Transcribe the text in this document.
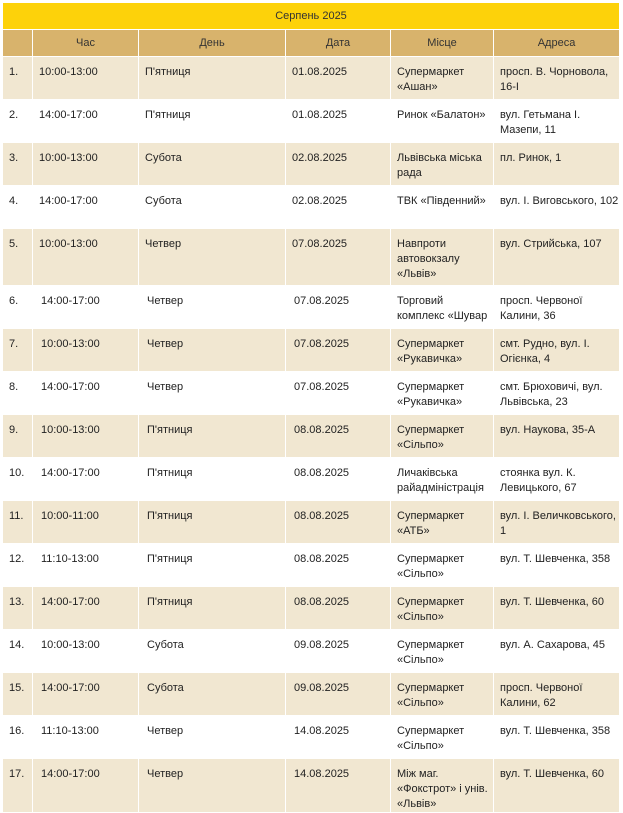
Серпень 2025					
	Час	День	Дата	Місце	Адреса
1.	10:00-13:00	П'ятниця	01.08.2025	Супермаркет «Ашан»	просп. В. Чорновола, 16-І
2.	14:00-17:00	П'ятниця	01.08.2025	Ринок «Балатон»	вул. Гетьмана І. Мазепи, 11
3.	10:00-13:00	Субота	02.08.2025	Львівська міська рада	пл. Ринок, 1
4.	14:00-17:00	Субота	02.08.2025	ТВК «Південний»	вул. І. Виговського, 102
5.	10:00-13:00	Четвер	07.08.2025	Навпроти автовокзалу «Львів»	вул. Стрийська, 107
6.	14:00-17:00	Четвер	07.08.2025	Торговий комплекс «Шувар	просп. Червоної Калини, 36
7.	10:00-13:00	Четвер	07.08.2025	Супермаркет «Рукавичка»	смт. Рудно, вул. І. Огієнка, 4
8.	14:00-17:00	Четвер	07.08.2025	Супермаркет «Рукавичка»	смт. Брюховичі, вул. Львівська, 23
9.	10:00-13:00	П'ятниця	08.08.2025	Супермаркет «Сільпо»	вул. Наукова, 35-А
10.	14:00-17:00	П'ятниця	08.08.2025	Личаківська райадміністрація	стоянка вул. К. Левицького, 67
11.	10:00-11:00	П'ятниця	08.08.2025	Супермаркет «АТБ»	вул. І. Величковського, 1
12.	11:10-13:00	П'ятниця	08.08.2025	Супермаркет «Сільпо»	вул. Т. Шевченка, 358
13.	14:00-17:00	П'ятниця	08.08.2025	Супермаркет «Сільпо»	вул. Т. Шевченка, 60
14.	10:00-13:00	Субота	09.08.2025	Супермаркет «Сільпо»	вул. А. Сахарова, 45
15.	14:00-17:00	Субота	09.08.2025	Супермаркет «Сільпо»	просп. Червоної Калини, 62
16.	11:10-13:00	Четвер	14.08.2025	Супермаркет «Сільпо»	вул. Т. Шевченка, 358
17.	14:00-17:00	Четвер	14.08.2025	Між маг. «Фокстрот» і унів. «Львів»	вул. Т. Шевченка, 60
